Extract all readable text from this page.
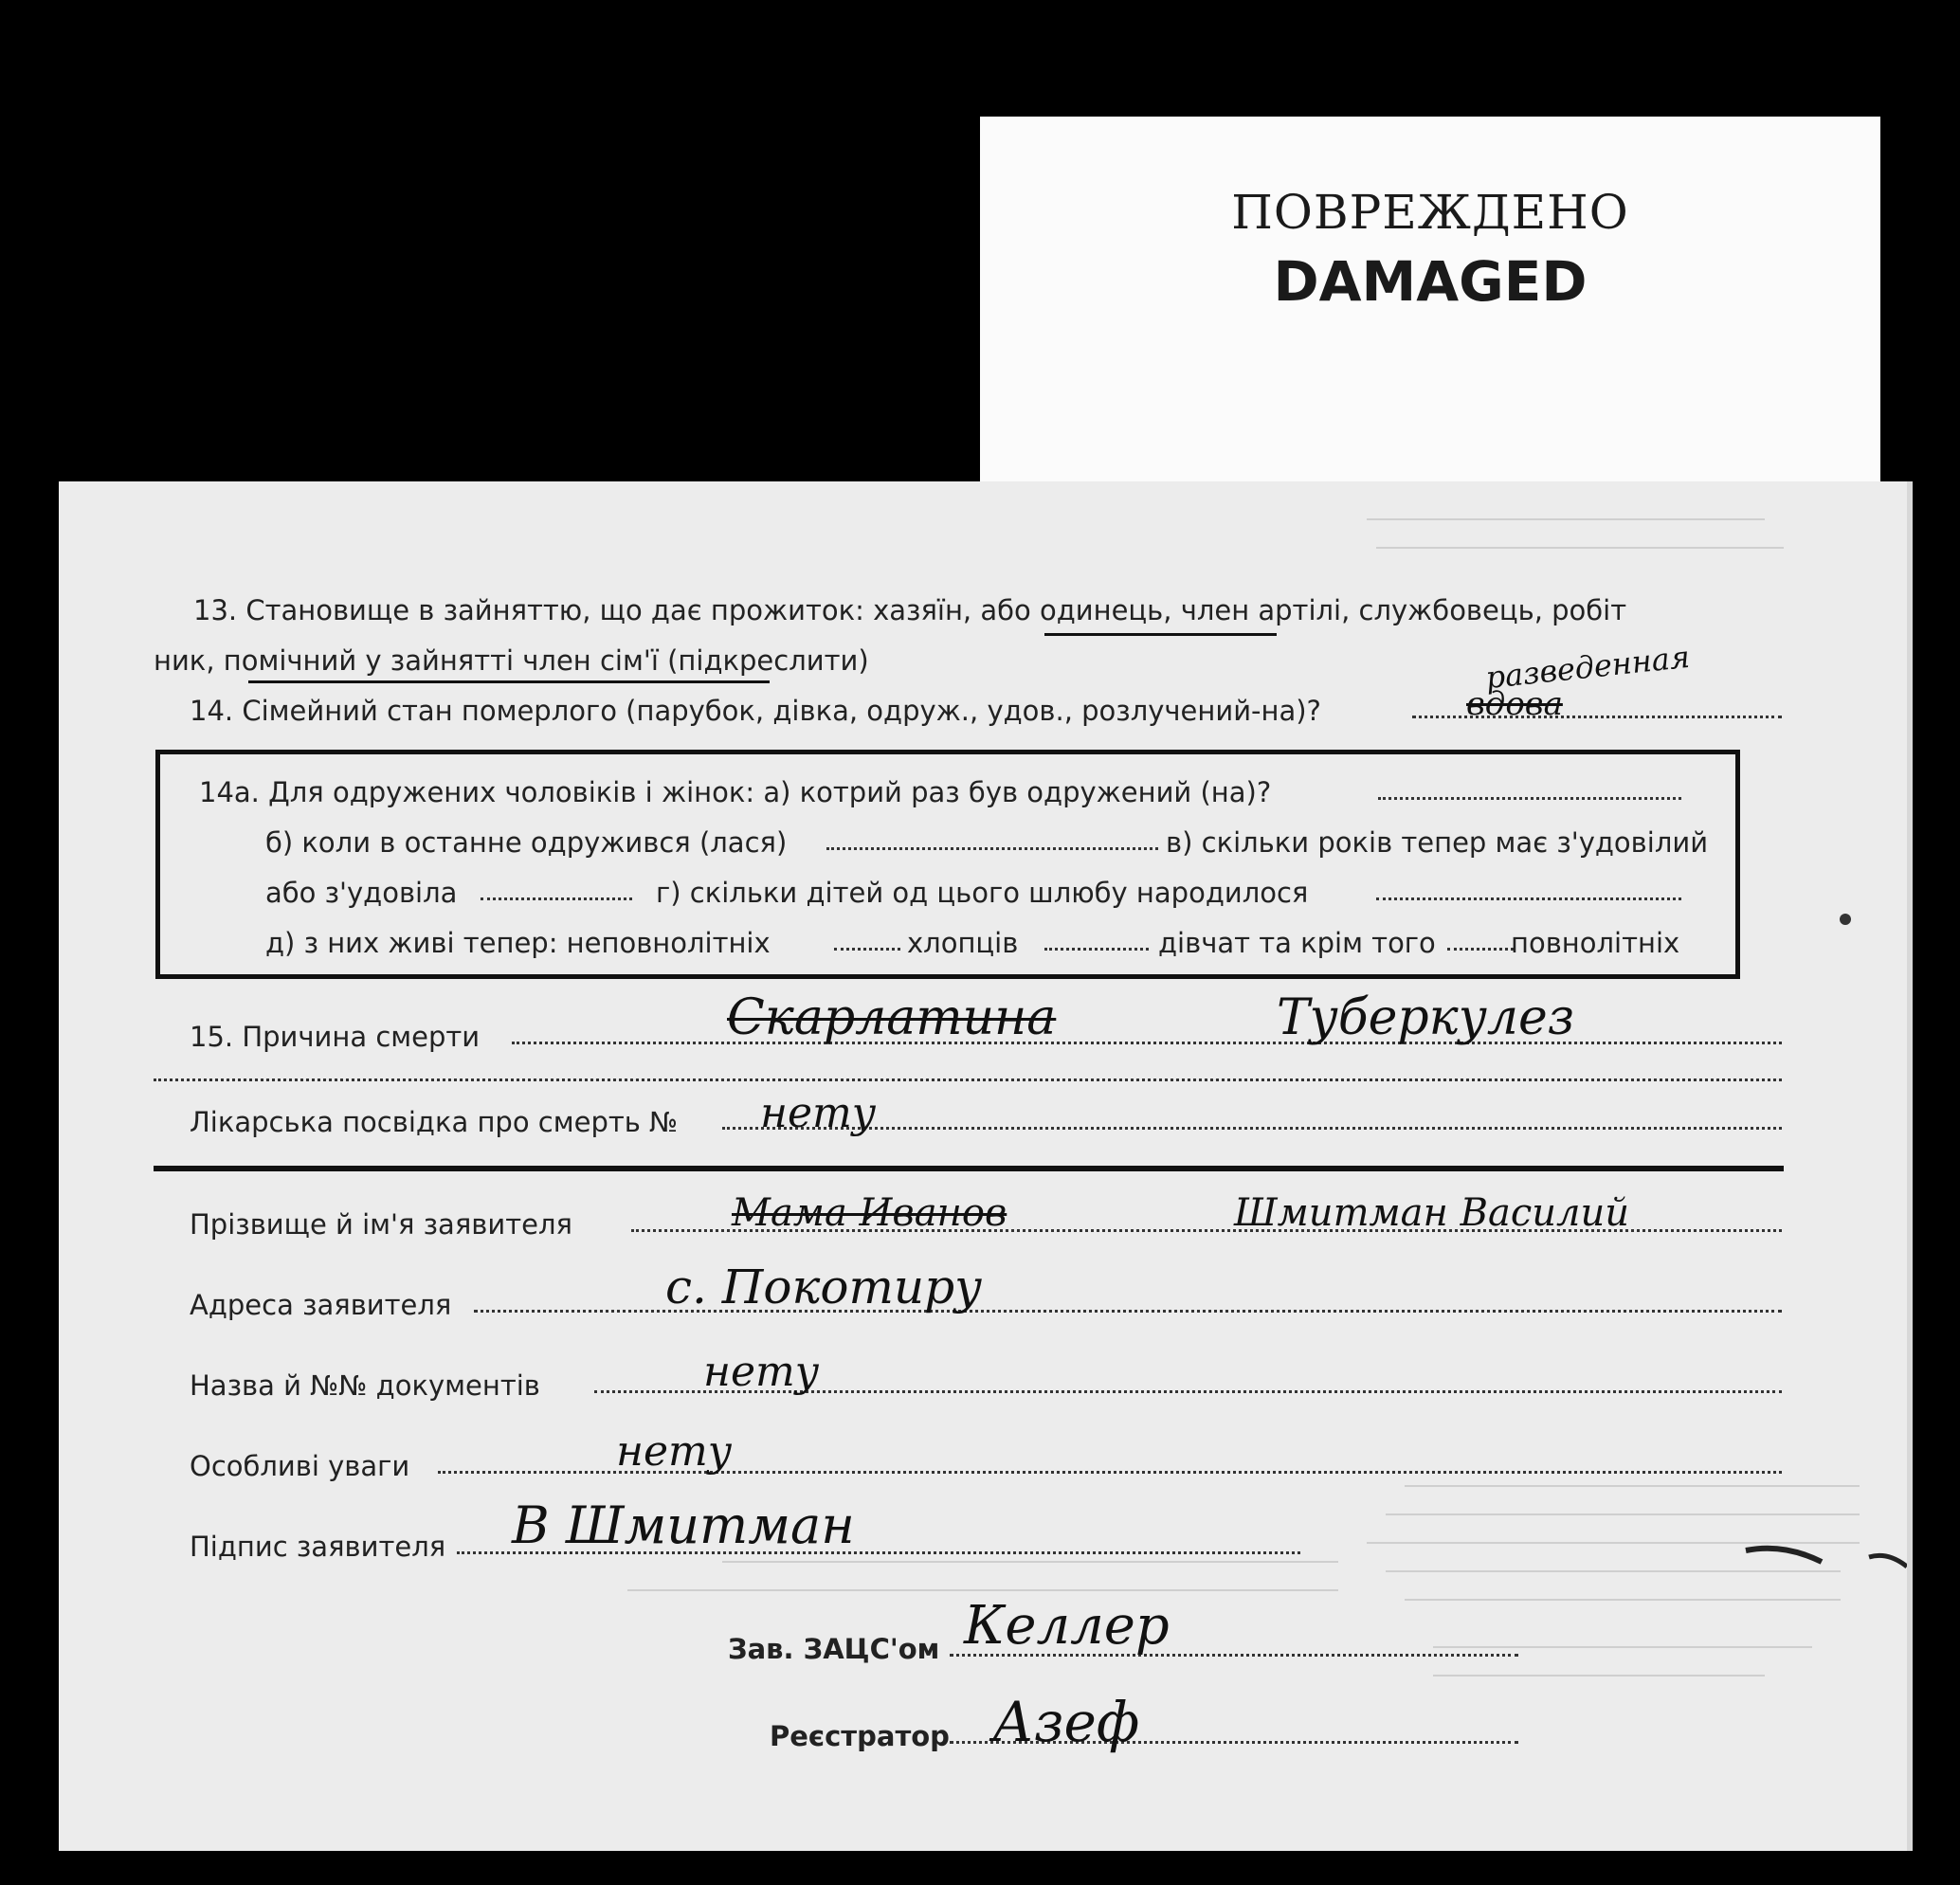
ПОВРЕЖДЕНО
DAMAGED
13. Становище в зайняттю, що дає прожиток: хазяїн, або одинець, член артілі, службовець, робіт
ник, помічний у зайнятті член сім'ї (підкреслити)
14. Сімейний стан померлого (парубок, дівка, одруж., удов., розлучений-на)?	вдова
разведенная
14а. Для одружених чоловіків і жінок: а) котрий раз був одружений (на)?
б) коли в останне одружився (лася)	в) скільки років тепер має з'удовілий
або з'удовіла	г) скільки дітей од цього шлюбу народилося
д) з них живі тепер: неповнолітніх	хлопців	дівчат та крім того	повнолітніх
15. Причина смерти	Скарлатина	Туберкулез
Лікарська посвідка про смерть № нету
Прізвище й ім'я заявителя	Мама Иванов	Шмитман Василий
Адреса заявителя	с. Покотиру
Назва й №№ документів	нету
Особливі уваги	нету
Підпис заявителя В Шмитман
Зав. ЗАЦС'ом Келлер
Реєстратор Азеф
